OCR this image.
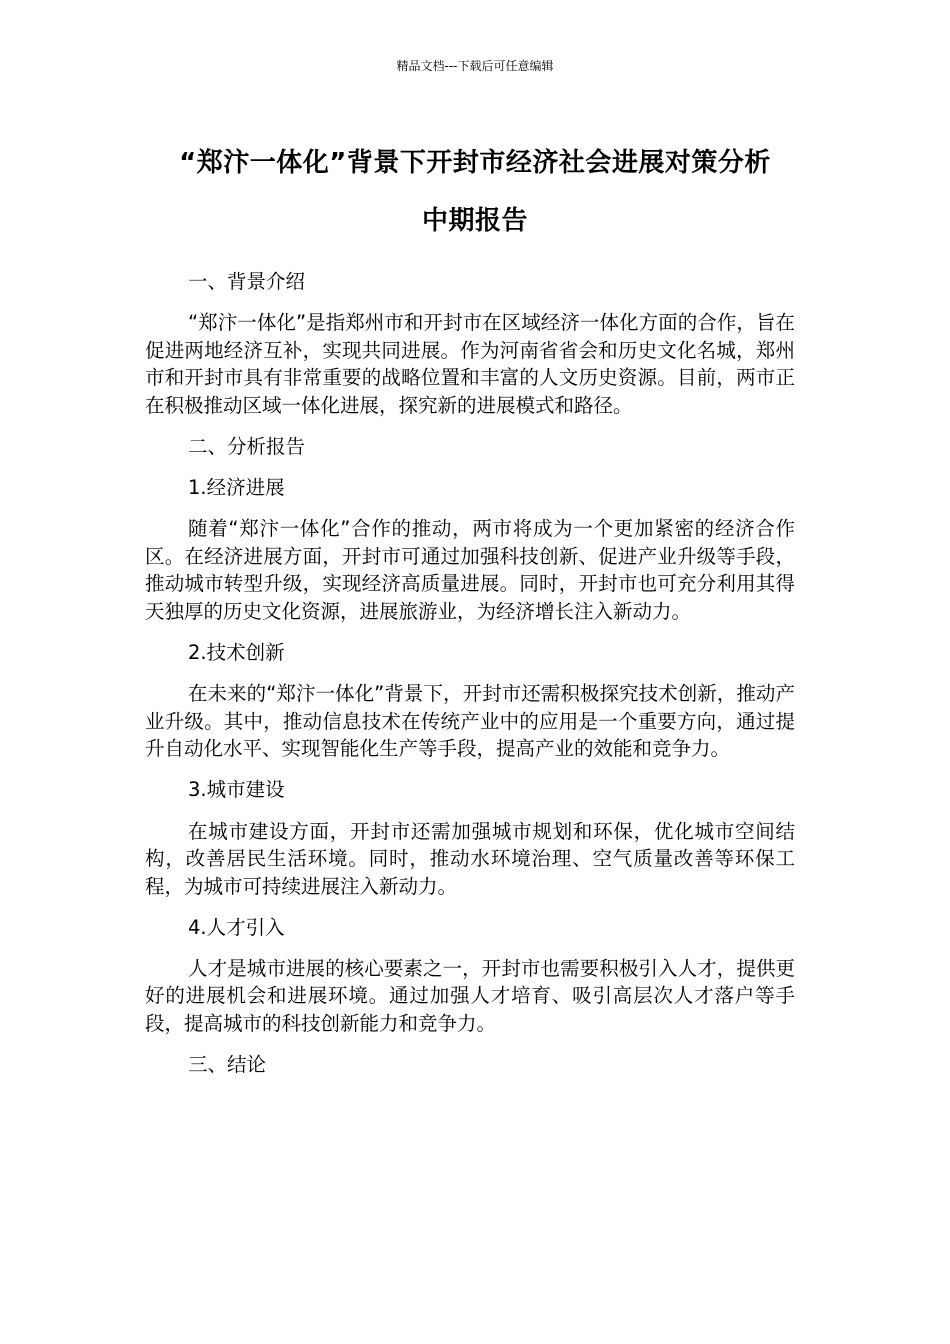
精品文档---下载后可任意编辑
“郑汴一体化”背景下开封市经济社会进展对策分析
中期报告
一、背景介绍
“郑汴一体化”是指郑州市和开封市在区域经济一体化方面的合作，旨在促进两地经济互补，实现共同进展。作为河南省省会和历史文化名城，郑州市和开封市具有非常重要的战略位置和丰富的人文历史资源。目前，两市正在积极推动区域一体化进展，探究新的进展模式和路径。
二、分析报告
1.经济进展
随着“郑汴一体化”合作的推动，两市将成为一个更加紧密的经济合作区。在经济进展方面，开封市可通过加强科技创新、促进产业升级等手段，推动城市转型升级，实现经济高质量进展。同时，开封市也可充分利用其得天独厚的历史文化资源，进展旅游业，为经济增长注入新动力。
2.技术创新
在未来的“郑汴一体化”背景下，开封市还需积极探究技术创新，推动产业升级。其中，推动信息技术在传统产业中的应用是一个重要方向，通过提升自动化水平、实现智能化生产等手段，提高产业的效能和竞争力。
3.城市建设
在城市建设方面，开封市还需加强城市规划和环保，优化城市空间结构，改善居民生活环境。同时，推动水环境治理、空气质量改善等环保工程，为城市可持续进展注入新动力。
4.人才引入
人才是城市进展的核心要素之一，开封市也需要积极引入人才，提供更好的进展机会和进展环境。通过加强人才培育、吸引高层次人才落户等手段，提高城市的科技创新能力和竞争力。
三、结论
